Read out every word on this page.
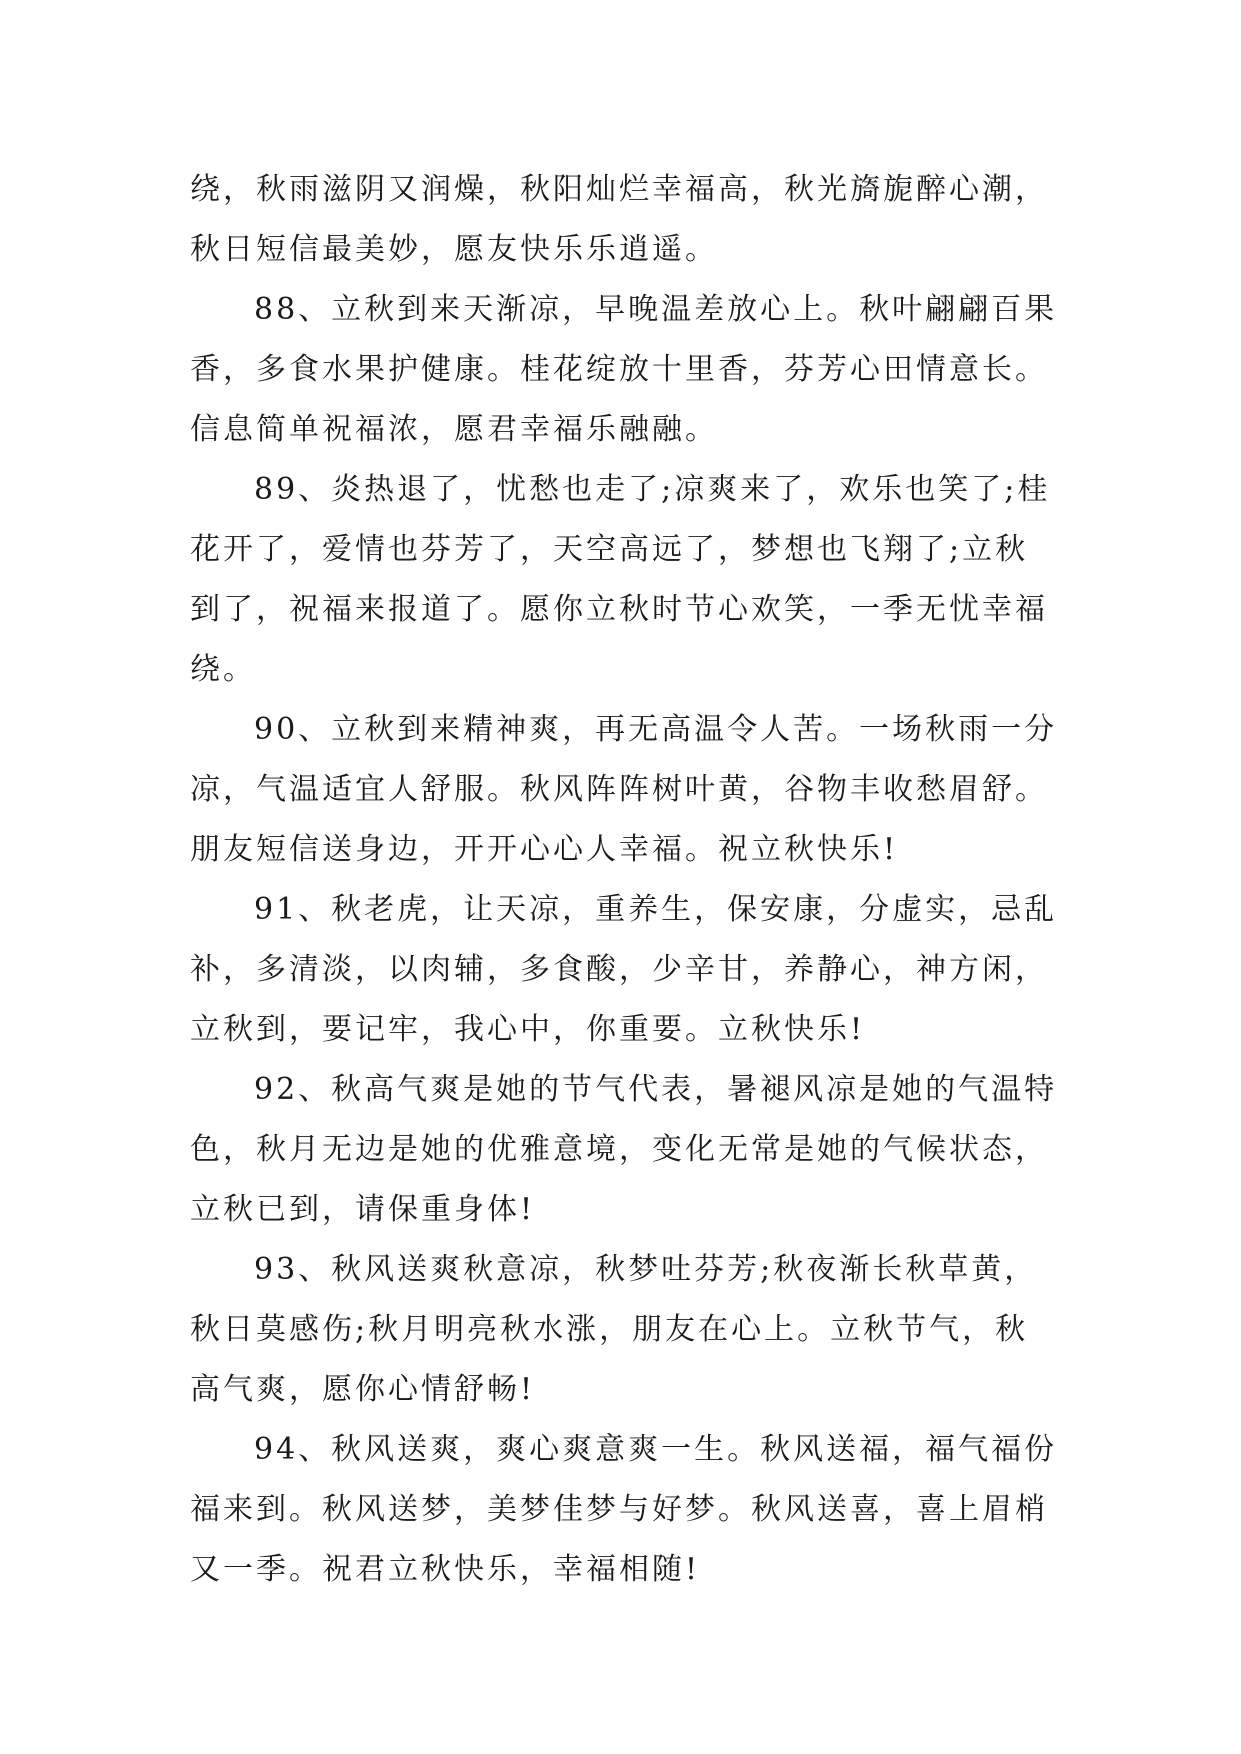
绕，秋雨滋阴又润燥，秋阳灿烂幸福高，秋光旖旎醉心潮，
秋日短信最美妙，愿友快乐乐逍遥。
88、立秋到来天渐凉，早晚温差放心上。秋叶翩翩百果
香，多食水果护健康。桂花绽放十里香，芬芳心田情意长。
信息简单祝福浓，愿君幸福乐融融。
89、炎热退了，忧愁也走了;凉爽来了，欢乐也笑了;桂
花开了，爱情也芬芳了，天空高远了，梦想也飞翔了;立秋
到了，祝福来报道了。愿你立秋时节心欢笑，一季无忧幸福
绕。
90、立秋到来精神爽，再无高温令人苦。一场秋雨一分
凉，气温适宜人舒服。秋风阵阵树叶黄，谷物丰收愁眉舒。
朋友短信送身边，开开心心人幸福。祝立秋快乐!
91、秋老虎，让天凉，重养生，保安康，分虚实，忌乱
补，多清淡，以肉辅，多食酸，少辛甘，养静心，神方闲，
立秋到，要记牢，我心中，你重要。立秋快乐!
92、秋高气爽是她的节气代表，暑褪风凉是她的气温特
色，秋月无边是她的优雅意境，变化无常是她的气候状态，
立秋已到，请保重身体!
93、秋风送爽秋意凉，秋梦吐芬芳;秋夜渐长秋草黄，
秋日莫感伤;秋月明亮秋水涨，朋友在心上。立秋节气，秋
高气爽，愿你心情舒畅!
94、秋风送爽，爽心爽意爽一生。秋风送福，福气福份
福来到。秋风送梦，美梦佳梦与好梦。秋风送喜，喜上眉梢
又一季。祝君立秋快乐，幸福相随!
